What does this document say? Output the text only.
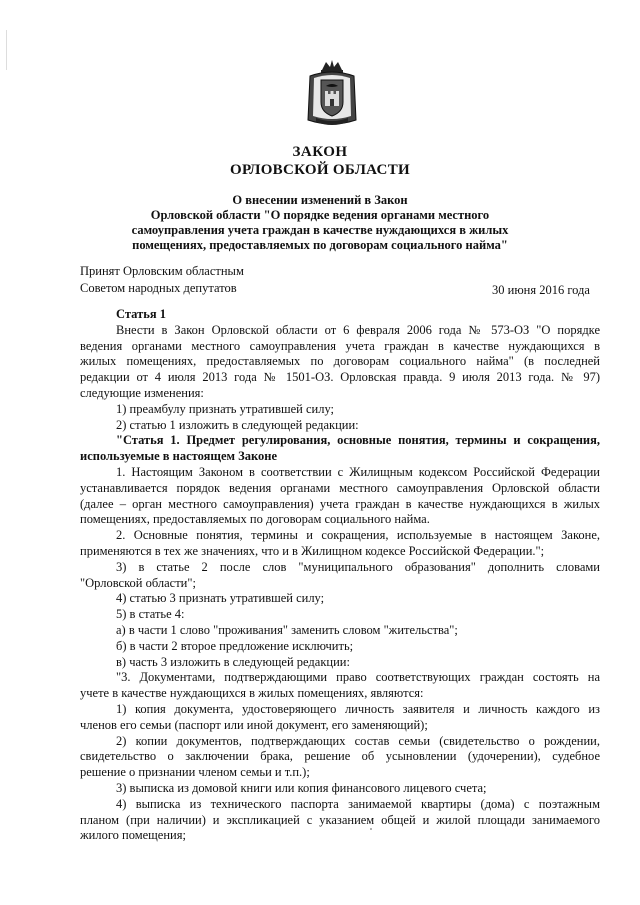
ЗАКОН
ОРЛОВСКОЙ ОБЛАСТИ
О внесении изменений в Закон
Орловской области "О порядке ведения органами местного
самоуправления учета граждан в качестве нуждающихся в жилых
помещениях, предоставляемых по договорам социального найма"
Принят Орловским областным
Советом народных депутатов	30 июня 2016 года
Статья 1
Внести в Закон Орловской области от 6 февраля 2006 года № 573-ОЗ "О порядке
ведения органами местного самоуправления учета граждан в качестве нуждающихся в
жилых помещениях, предоставляемых по договорам социального найма" (в последней
редакции от 4 июля 2013 года № 1501-ОЗ. Орловская правда. 9 июля 2013 года. № 97)
следующие изменения:
1) преамбулу признать утратившей силу;
2) статью 1 изложить в следующей редакции:
"Статья 1. Предмет регулирования, основные понятия, термины и сокращения,
используемые в настоящем Законе
1. Настоящим Законом в соответствии с Жилищным кодексом Российской Федерации
устанавливается порядок ведения органами местного самоуправления Орловской области
(далее – орган местного самоуправления) учета граждан в качестве нуждающихся в жилых
помещениях, предоставляемых по договорам социального найма.
2. Основные понятия, термины и сокращения, используемые в настоящем Законе,
применяются в тех же значениях, что и в Жилищном кодексе Российской Федерации.";
3) в статье 2 после слов "муниципального образования" дополнить словами
"Орловской области";
4) статью 3 признать утратившей силу;
5) в статье 4:
а) в части 1 слово "проживания" заменить словом "жительства";
б) в части 2 второе предложение исключить;
в) часть 3 изложить в следующей редакции:
"3. Документами, подтверждающими право соответствующих граждан состоять на
учете в качестве нуждающихся в жилых помещениях, являются:
1) копия документа, удостоверяющего личность заявителя и личность каждого из
членов его семьи (паспорт или иной документ, его заменяющий);
2) копии документов, подтверждающих состав семьи (свидетельство о рождении,
свидетельство о заключении брака, решение об усыновлении (удочерении), судебное
решение о признании членом семьи и т.п.);
3) выписка из домовой книги или копия финансового лицевого счета;
4) выписка из технического паспорта занимаемой квартиры (дома) с поэтажным
планом (при наличии) и экспликацией с указанием общей и жилой площади занимаемого
жилого помещения;
